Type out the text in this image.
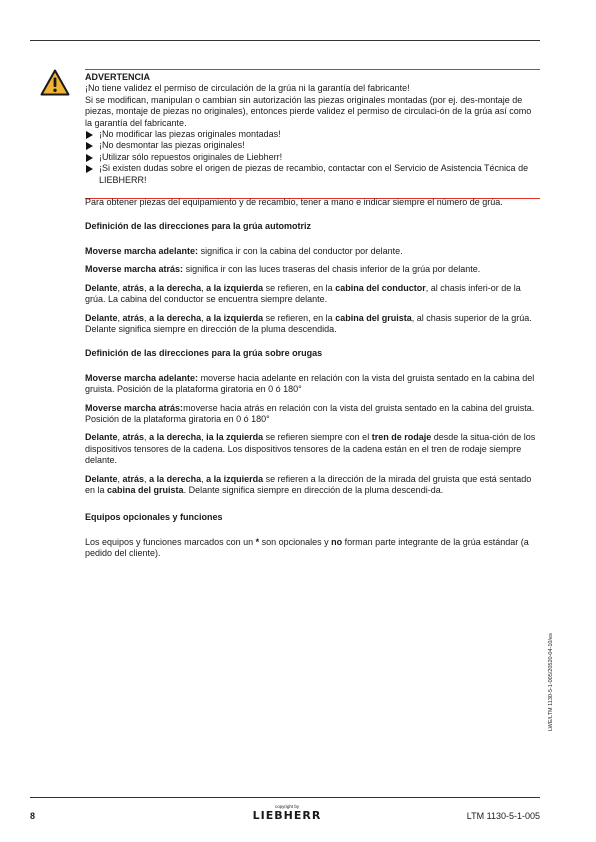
ADVERTENCIA

¡No tiene validez el permiso de circulación de la grúa ni la garantía del fabricante!

Si se modifican, manipulan o cambian sin autorización las piezas originales montadas (por ej. des-montaje de piezas, montaje de piezas no originales), entonces pierde validez el permiso de circulaci-ón de la grúa así como la garantía del fabricante.

¡No modificar las piezas originales montadas!
¡No desmontar las piezas originales!
¡Utilizar sólo repuestos originales de Liebherr!
¡Si existen dudas sobre el origen de piezas de recambio, contactar con el Servicio de Asistencia Técnica de LIEBHERR!

Para obtener piezas del equipamiento y de recambio, tener a mano e indicar siempre el número de grúa.

Definición de las direcciones para la grúa automotriz

Moverse marcha adelante: significa ir con la cabina del conductor por delante.

Moverse marcha atrás: significa ir con las luces traseras del chasis inferior de la grúa por delante.

Delante, atrás, a la derecha, a la izquierda se refieren, en la cabina del conductor, al chasis inferi-or de la grúa. La cabina del conductor se encuentra siempre delante.

Delante, atrás, a la derecha, a la izquierda se refieren, en la cabina del gruista, al chasis superior de la grúa. Delante significa siempre en dirección de la pluma descendida.

Definición de las direcciones para la grúa sobre orugas

Moverse marcha adelante: moverse hacia adelante en relación con la vista del gruista sentado en la cabina del gruista. Posición de la plataforma giratoria en 0 ó 180°

Moverse marcha atrás:moverse hacia atrás en relación con la vista del gruista sentado en la cabina del gruista. Posición de la plataforma giratoria en 0 ó 180°

Delante, atrás, a la derecha, ia la zquierda se refieren siempre con el tren de rodaje desde la situa-ción de los dispositivos tensores de la cadena. Los dispositivos tensores de la cadena están en el tren de rodaje siempre delante.

Delante, atrás, a la derecha, a la izquierda se refieren a la dirección de la mirada del gruista que está sentado en la cabina del gruista. Delante significa siempre en dirección de la pluma descendi-da.

Equipos opcionales y funciones

Los equipos y funciones marcados con un * son opcionales y no forman parte integrante de la grúa estándar (a pedido del cliente).

LWE/LTM 1130-5-1-005/20520-04-10/es
8
copyright by
LIEBHERR	LTM 1130-5-1-005
